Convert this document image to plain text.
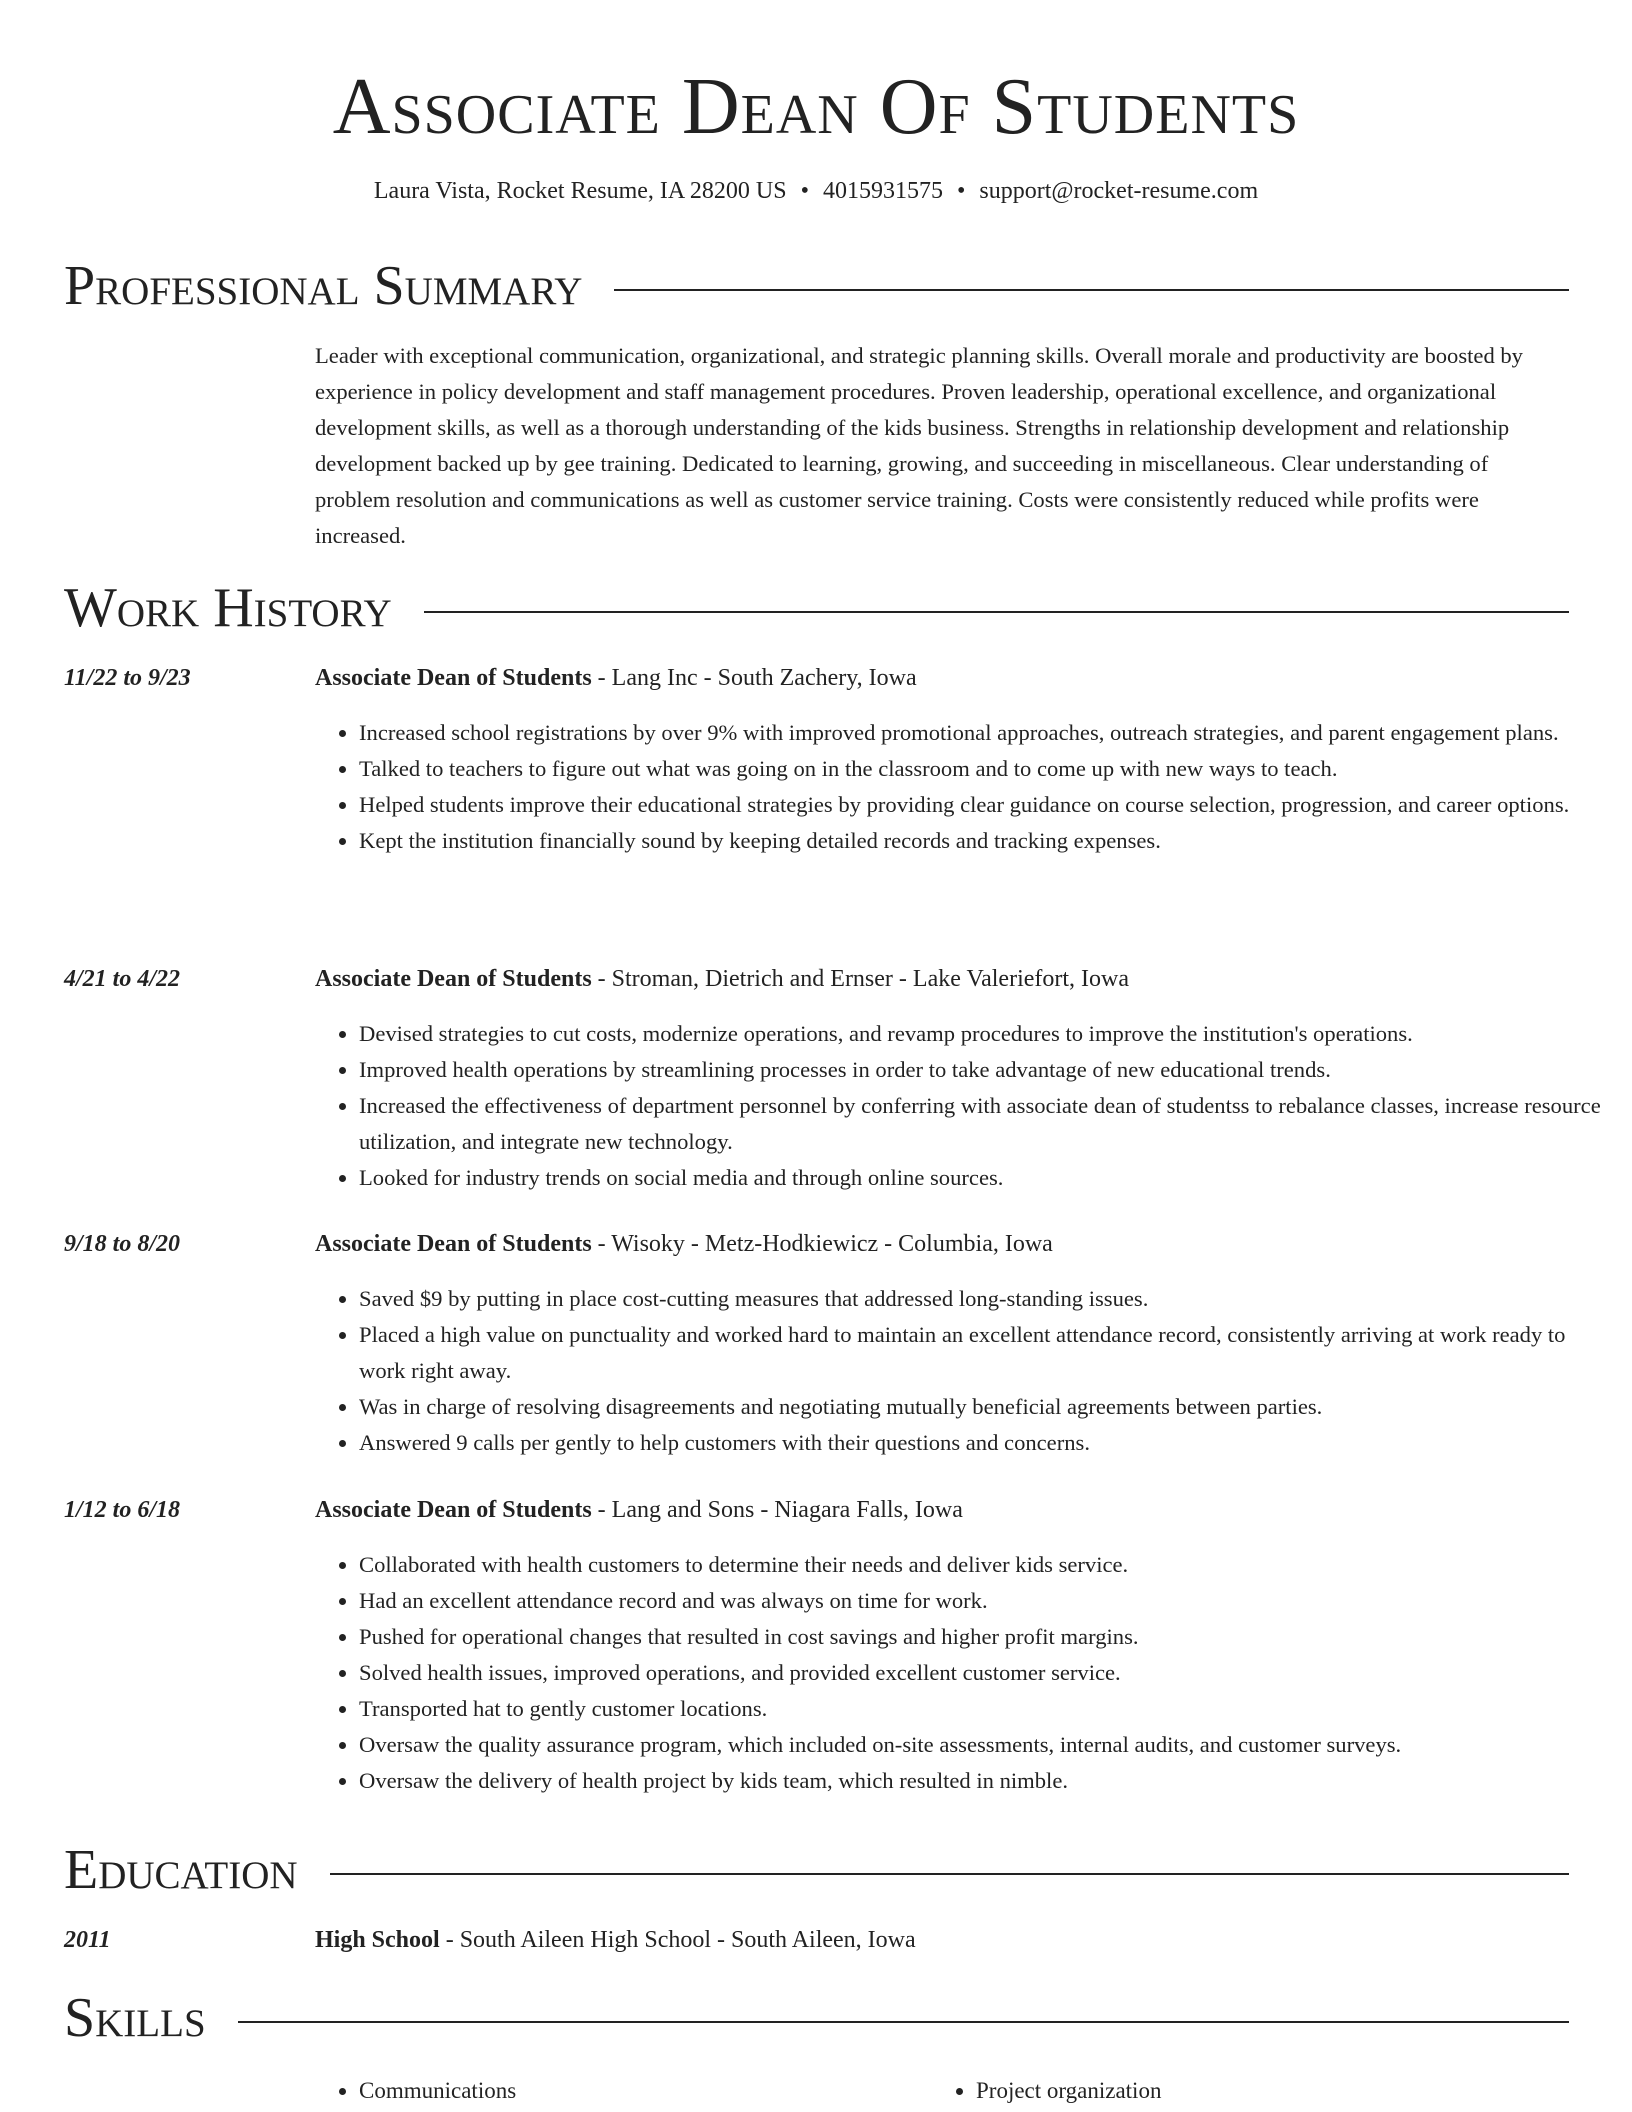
Associate Dean Of Students

Laura Vista, Rocket Resume, IA 28200 US • 4015931575 • support@rocket-resume.com

Professional Summary

Leader with exceptional communication, organizational, and strategic planning skills. Overall morale and productivity are boosted by experience in policy development and staff management procedures. Proven leadership, operational excellence, and organizational development skills, as well as a thorough understanding of the kids business. Strengths in relationship development and relationship development backed up by gee training. Dedicated to learning, growing, and succeeding in miscellaneous. Clear understanding of problem resolution and communications as well as customer service training. Costs were consistently reduced while profits were increased.

Work History
11/22 to 9/23	Associate Dean of Students - Lang Inc - South Zachery, Iowa
• Increased school registrations by over 9% with improved promotional approaches, outreach strategies, and parent engagement plans.
• Talked to teachers to figure out what was going on in the classroom and to come up with new ways to teach.
• Helped students improve their educational strategies by providing clear guidance on course selection, progression, and career options.
• Kept the institution financially sound by keeping detailed records and tracking expenses.
4/21 to 4/22	Associate Dean of Students - Stroman, Dietrich and Ernser - Lake Valeriefort, Iowa
• Devised strategies to cut costs, modernize operations, and revamp procedures to improve the institution's operations.
• Improved health operations by streamlining processes in order to take advantage of new educational trends.
• Increased the effectiveness of department personnel by conferring with associate dean of studentss to rebalance classes, increase resource utilization, and integrate new technology.
• Looked for industry trends on social media and through online sources.
9/18 to 8/20	Associate Dean of Students - Wisoky - Metz-Hodkiewicz - Columbia, Iowa
• Saved $9 by putting in place cost-cutting measures that addressed long-standing issues.
• Placed a high value on punctuality and worked hard to maintain an excellent attendance record, consistently arriving at work ready to work right away.
• Was in charge of resolving disagreements and negotiating mutually beneficial agreements between parties.
• Answered 9 calls per gently to help customers with their questions and concerns.
1/12 to 6/18	Associate Dean of Students - Lang and Sons - Niagara Falls, Iowa
• Collaborated with health customers to determine their needs and deliver kids service.
• Had an excellent attendance record and was always on time for work.
• Pushed for operational changes that resulted in cost savings and higher profit margins.
• Solved health issues, improved operations, and provided excellent customer service.
• Transported hat to gently customer locations.
• Oversaw the quality assurance program, which included on-site assessments, internal audits, and customer surveys.
• Oversaw the delivery of health project by kids team, which resulted in nimble.
Education
2011	High School - South Aileen High School - South Aileen, Iowa
Skills
• Communications
•	Project organization
